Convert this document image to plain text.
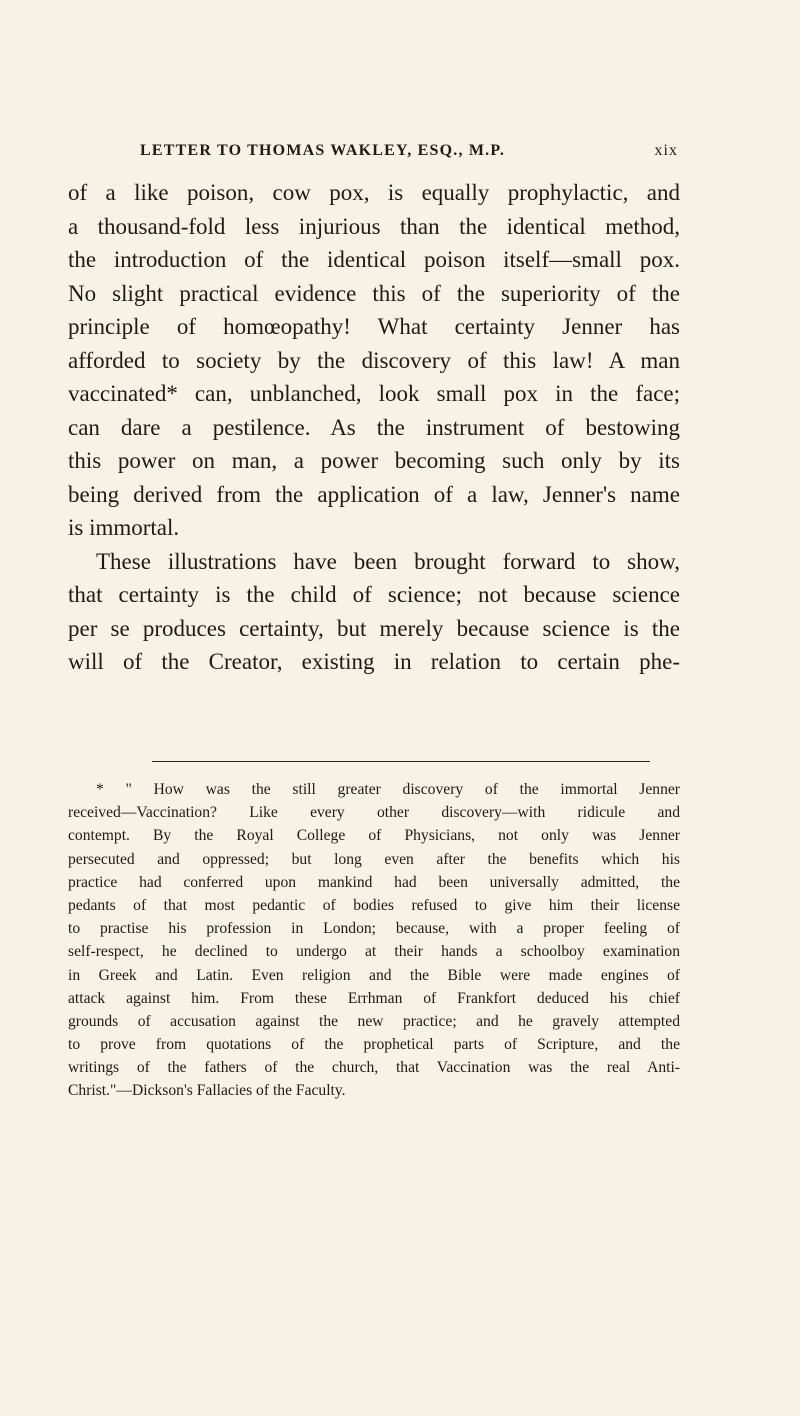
LETTER TO THOMAS WAKLEY, ESQ., M.P.	xix
of a like poison, cow pox, is equally prophylactic, and
a thousand-fold less injurious than the identical method,
the introduction of the identical poison itself—small pox.
No slight practical evidence this of the superiority of the
principle of homœopathy! What certainty Jenner has
afforded to society by the discovery of this law! A man
vaccinated* can, unblanched, look small pox in the face;
can dare a pestilence. As the instrument of bestowing
this power on man, a power becoming such only by its
being derived from the application of a law, Jenner's name
is immortal.
These illustrations have been brought forward to show,
that certainty is the child of science; not because science
per se produces certainty, but merely because science is the
will of the Creator, existing in relation to certain phe-
* " How was the still greater discovery of the immortal Jenner
received—Vaccination? Like every other discovery—with ridicule and
contempt. By the Royal College of Physicians, not only was Jenner
persecuted and oppressed; but long even after the benefits which his
practice had conferred upon mankind had been universally admitted, the
pedants of that most pedantic of bodies refused to give him their license
to practise his profession in London; because, with a proper feeling of
self-respect, he declined to undergo at their hands a schoolboy examination
in Greek and Latin. Even religion and the Bible were made engines of
attack against him. From these Errhman of Frankfort deduced his chief
grounds of accusation against the new practice; and he gravely attempted
to prove from quotations of the prophetical parts of Scripture, and the
writings of the fathers of the church, that Vaccination was the real Anti-
Christ."—Dickson's Fallacies of the Faculty.
